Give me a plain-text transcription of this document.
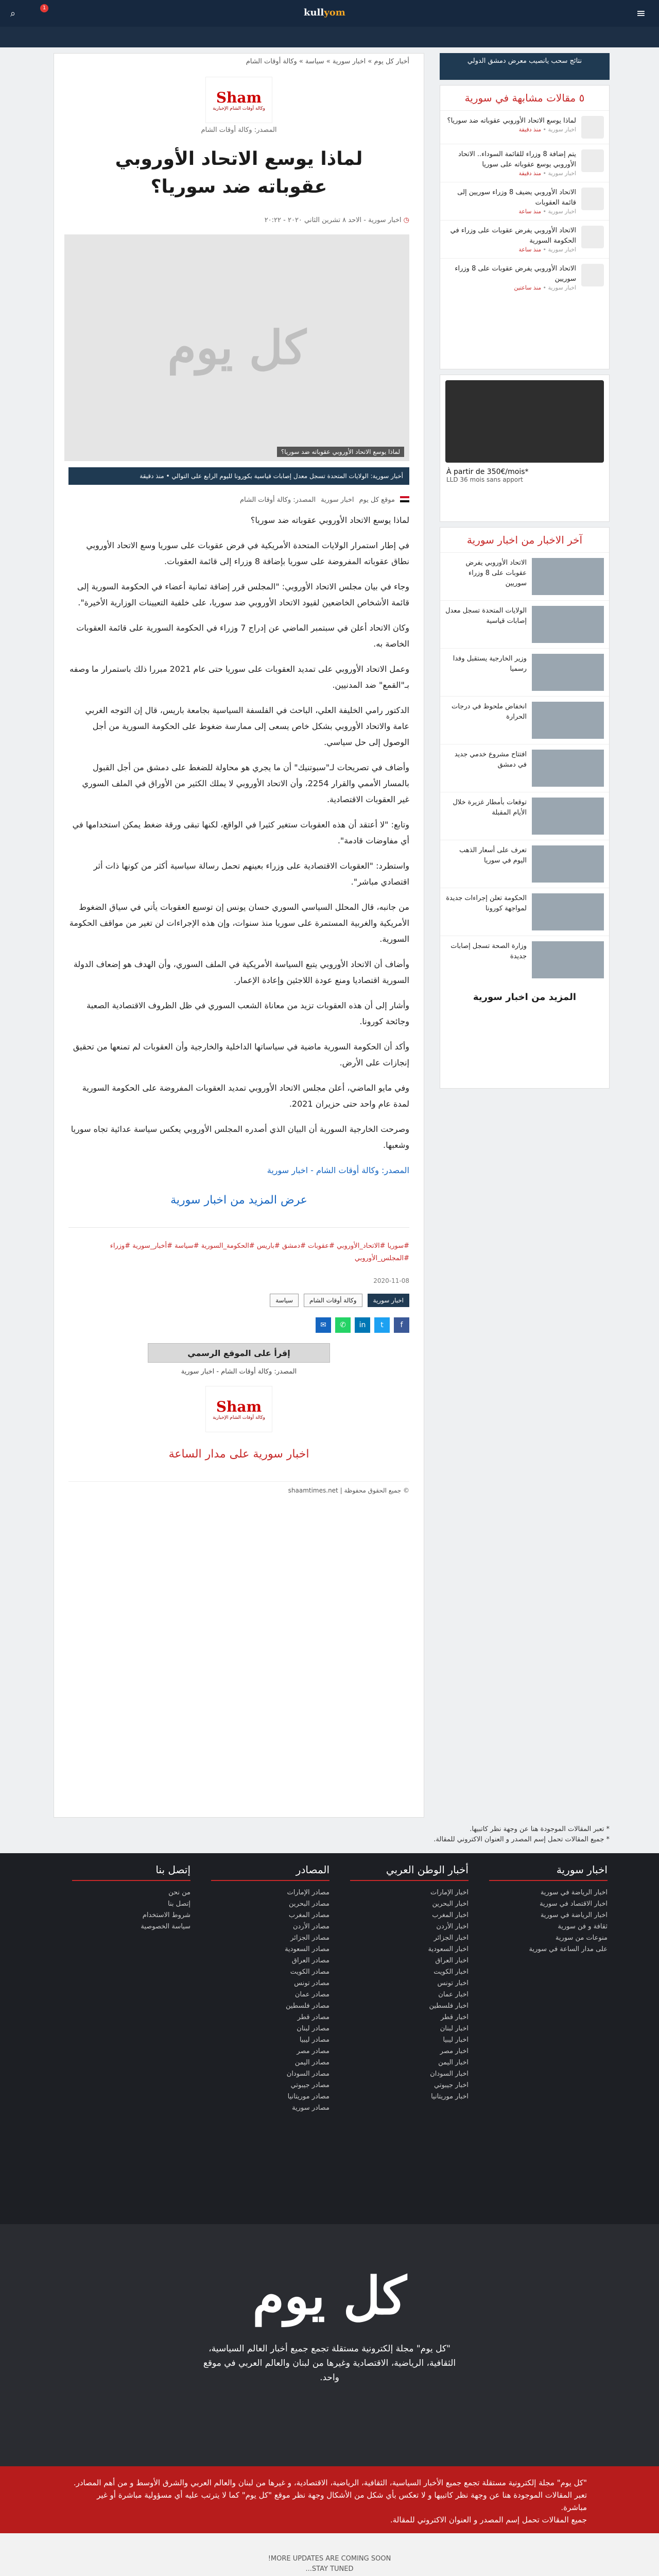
≡
1	kullyom
⌕
أخبار كل يوم » اخبار سورية » سياسة » وكالة أوقات الشام
Sham
وكالة أوقات الشام الإخبارية
المصدر: وكالة أوقات الشام
لماذا يوسع الاتحاد الأوروبي عقوباته ضد سوريا؟
◷ اخبار سورية - الاحد ٨ تشرين الثاني ٢٠٢٠ - ٢٠:٢٢
كل يوم
لماذا يوسع الاتحاد الأوروبي عقوباته ضد سوريا؟
أخبار سورية: الولايات المتحدة تسجل معدل إصابات قياسية بكورونا لليوم الرابع على التوالي • منذ دقيقة
موقع كل يوم
اخبار سورية
المصدر: وكالة أوقات الشام

لماذا يوسع الاتحاد الأوروبي عقوباته ضد سوريا؟

في إطار استمرار الولايات المتحدة الأمريكية في فرض عقوبات على سوريا وسع الاتحاد الأوروبي نطاق عقوباته المفروضة على سوريا بإضافة 8 وزراء إلى قائمة العقوبات.

وجاء في بيان مجلس الاتحاد الأوروبي: "المجلس قرر إضافة ثمانية أعضاء في الحكومة السورية إلى قائمة الأشخاص الخاضعين لقيود الاتحاد الأوروبي ضد سوريا، على خلفية التعيينات الوزارية الأخيرة".

وكان الاتحاد أعلن في سبتمبر الماضي عن إدراج 7 وزراء في الحكومة السورية على قائمة العقوبات الخاصة به.

وعمل الاتحاد الأوروبي على تمديد العقوبات على سوريا حتى عام 2021 مبررا ذلك باستمرار ما وصفه بـ"القمع" ضد المدنيين.

الدكتور رامي الخليفة العلي، الباحث في الفلسفة السياسية بجامعة باريس، قال إن التوجه الغربي عامة والاتحاد الأوروبي بشكل خاص يسعى إلى ممارسة ضغوط على الحكومة السورية من أجل الوصول إلى حل سياسي.

وأضاف في تصريحات لـ"سبوتنيك" أن ما يجري هو محاولة للضغط على دمشق من أجل القبول بالمسار الأممي والقرار 2254، وأن الاتحاد الأوروبي لا يملك الكثير من الأوراق في الملف السوري غير العقوبات الاقتصادية.

وتابع: "لا أعتقد أن هذه العقوبات ستغير كثيرا في الواقع، لكنها تبقى ورقة ضغط يمكن استخدامها في أي مفاوضات قادمة".

واستطرد: "العقوبات الاقتصادية على وزراء بعينهم تحمل رسالة سياسية أكثر من كونها ذات أثر اقتصادي مباشر".

من جانبه، قال المحلل السياسي السوري حسان يونس إن توسيع العقوبات يأتي في سياق الضغوط الأمريكية والغربية المستمرة على سوريا منذ سنوات، وإن هذه الإجراءات لن تغير من مواقف الحكومة السورية.

وأضاف أن الاتحاد الأوروبي يتبع السياسة الأمريكية في الملف السوري، وأن الهدف هو إضعاف الدولة السورية اقتصاديا ومنع عودة اللاجئين وإعادة الإعمار.

وأشار إلى أن هذه العقوبات تزيد من معاناة الشعب السوري في ظل الظروف الاقتصادية الصعبة وجائحة كورونا.

وأكد أن الحكومة السورية ماضية في سياساتها الداخلية والخارجية وأن العقوبات لم تمنعها من تحقيق إنجازات على الأرض.

وفي مايو الماضي، أعلن مجلس الاتحاد الأوروبي تمديد العقوبات المفروضة على الحكومة السورية لمدة عام واحد حتى حزيران 2021.

وصرحت الخارجية السورية أن البيان الذي أصدره المجلس الأوروبي يعكس سياسة عدائية تجاه سوريا وشعبها.

المصدر: وكالة أوقات الشام - اخبار سورية

عرض المزيد من اخبار سورية
#سوريا #الاتحاد_الأوروبي #عقوبات #دمشق #باريس #الحكومة_السورية #سياسة #أخبار_سورية #وزراء #المجلس_الأوروبي
2020-11-08
اخبار سورية
وكالة أوقات الشام
سياسة
f
t
in
✆
✉
إقرأ على الموقع الرسمي
المصدر: وكالة أوقات الشام - اخبار سورية
Sham
وكالة أوقات الشام الإخبارية
اخبار سورية على مدار الساعة
© جميع الحقوق محفوظة | shaamtimes.net
نتائج سحب يانصيب معرض دمشق الدولي
٥ مقالات مشابهة في سورية
لماذا يوسع الاتحاد الأوروبي عقوباته ضد سوريا؟
اخبار سورية • منذ دقيقة
يتم إضافة 8 وزراء للقائمة السوداء.. الاتحاد الأوروبي يوسع عقوباته على سوريا
اخبار سورية • منذ دقيقة
الاتحاد الأوروبي يضيف 8 وزراء سوريين إلى قائمة العقوبات
اخبار سورية • منذ ساعة
الاتحاد الأوروبي يفرض عقوبات على وزراء في الحكومة السورية
اخبار سورية • منذ ساعة
الاتحاد الأوروبي يفرض عقوبات على 8 وزراء سوريين
اخبار سورية • منذ ساعتين
À partir de 350€/mois*
LLD 36 mois sans apport
آخر الاخبار من اخبار سورية
الاتحاد الأوروبي يفرض عقوبات على 8 وزراء سوريين
الولايات المتحدة تسجل معدل إصابات قياسية
وزير الخارجية يستقبل وفدا رسميا
انخفاض ملحوظ في درجات الحرارة
افتتاح مشروع خدمي جديد في دمشق
توقعات بأمطار غزيرة خلال الأيام المقبلة
تعرف على أسعار الذهب اليوم في سوريا
الحكومة تعلن إجراءات جديدة لمواجهة كورونا
وزارة الصحة تسجل إصابات جديدة
المزيد من اخبار سورية
* تعبر المقالات الموجودة هنا عن وجهة نظر كاتبيها.
* جميع المقالات تحمل إسم المصدر و العنوان الاكتروني للمقالة.
اخبار سورية
اخبار الرياضة في سورية
اخبار الاقتصاد في سورية
اخبار الرياضة في سورية
ثقافة و فن سورية
منوعات من سورية
على مدار الساعة في سورية
أخبار الوطن العربي
اخبار الإمارات
اخبار البحرين
اخبار المغرب
اخبار الأردن
اخبار الجزائر
اخبار السعودية
اخبار العراق
اخبار الكويت
اخبار تونس
اخبار عمان
اخبار فلسطين
اخبار قطر
اخبار لبنان
اخبار ليبيا
اخبار مصر
اخبار اليمن
اخبار السودان
اخبار جيبوتي
اخبار موريتانيا
المصادر
مصادر الإمارات
مصادر البحرين
مصادر المغرب
مصادر الأردن
مصادر الجزائر
مصادر السعودية
مصادر العراق
مصادر الكويت
مصادر تونس
مصادر عمان
مصادر فلسطين
مصادر قطر
مصادر لبنان
مصادر ليبيا
مصادر مصر
مصادر اليمن
مصادر السودان
مصادر جيبوتي
مصادر موريتانيا
مصادر سورية
إتصل بنا
من نحن
إتصل بنا
شروط الاستخدام
سياسة الخصوصية
كل يوم
"كل يوم" مجلة إلكترونية مستقلة تجمع جميع أخبار العالم السياسية، الثقافية، الرياضية، الاقتصادية وغيرها من لبنان والعالم العربي في موقع واحد.
"كل يوم" مجلة إلكترونية مستقلة تجمع جميع الأخبار السياسية، الثقافية، الرياضية، الاقتصادية، و غيرها من لبنان والعالم العربي والشرق الأوسط و من أهم المصادر. تعبر المقالات الموجودة هنا عن وجهة نظر كاتبيها و لا تعكس بأي شكل من الأشكال وجهة نظر موقع "كل يوم" كما لا يترتب عليه أي مسؤولية مباشرة أو غير مباشرة.
جميع المقالات تحمل إسم المصدر و العنوان الاكتروني للمقالة.
MORE UPDATES ARE COMING SOON!
STAY TUNED...
